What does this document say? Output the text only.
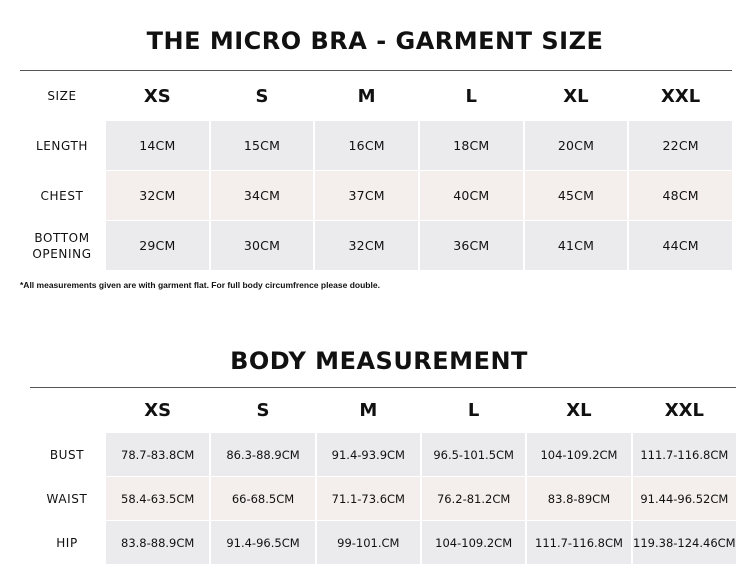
THE MICRO BRA - GARMENT SIZE
SIZE	XS	S	M	L	XL	XXL
LENGTH	14CM	15CM	16CM	18CM	20CM	22CM
CHEST	32CM	34CM	37CM	40CM	45CM	48CM

BOTTOM
OPENING	29CM	30CM	32CM	36CM	41CM	44CM
*All measurements given are with garment flat. For full body circumfrence please double.
BODY MEASUREMENT
	XS	S	M	L	XL	XXL
BUST	78.7-83.8CM	86.3-88.9CM	91.4-93.9CM	96.5-101.5CM	104-109.2CM	111.7-116.8CM
WAIST	58.4-63.5CM	66-68.5CM	71.1-73.6CM	76.2-81.2CM	83.8-89CM	91.44-96.52CM
HIP	83.8-88.9CM	91.4-96.5CM	99-101.CM	104-109.2CM	111.7-116.8CM	119.38-124.46CM
